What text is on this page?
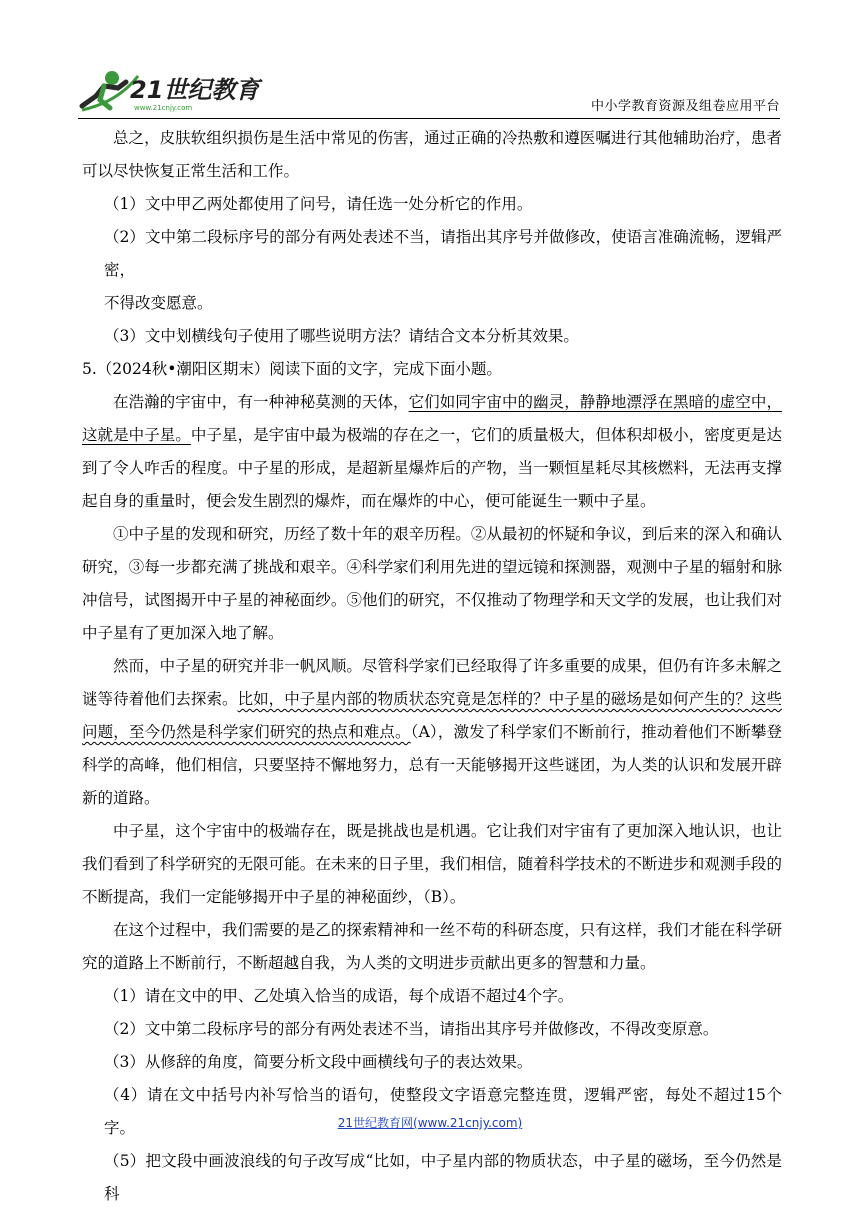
21世纪教育
www.21cnjy.com	中小学教育资源及组卷应用平台

总之，皮肤软组织损伤是生活中常见的伤害，通过正确的冷热敷和遵医嘱进行其他辅助治疗，患者可以尽快恢复正常生活和工作。

（1）文中甲乙两处都使用了问号，请任选一处分析它的作用。

（2）文中第二段标序号的部分有两处表述不当，请指出其序号并做修改，使语言准确流畅，逻辑严密，

不得改变愿意。

（3）文中划横线句子使用了哪些说明方法？请结合文本分析其效果。

5.（2024秋•潮阳区期末）阅读下面的文字，完成下面小题。

在浩瀚的宇宙中，有一种神秘莫测的天体，它们如同宇宙中的幽灵，静静地漂浮在黑暗的虚空中，这就是中子星。中子星，是宇宙中最为极端的存在之一，它们的质量极大，但体积却极小，密度更是达到了令人咋舌的程度。中子星的形成，是超新星爆炸后的产物，当一颗恒星耗尽其核燃料，无法再支撑起自身的重量时，便会发生剧烈的爆炸，而在爆炸的中心，便可能诞生一颗中子星。

①中子星的发现和研究，历经了数十年的艰辛历程。②从最初的怀疑和争议，到后来的深入和确认研究，③每一步都充满了挑战和艰辛。④科学家们利用先进的望远镜和探测器，观测中子星的辐射和脉冲信号，试图揭开中子星的神秘面纱。⑤他们的研究，不仅推动了物理学和天文学的发展，也让我们对中子星有了更加深入地了解。

然而，中子星的研究并非一帆风顺。尽管科学家们已经取得了许多重要的成果，但仍有许多未解之谜等待着他们去探索。比如，中子星内部的物质状态究竟是怎样的？中子星的磁场是如何产生的？这些问题，至今仍然是科学家们研究的热点和难点。（A），激发了科学家们不断前行，推动着他们不断攀登科学的高峰，他们相信，只要坚持不懈地努力，总有一天能够揭开这些谜团，为人类的认识和发展开辟新的道路。

中子星，这个宇宙中的极端存在，既是挑战也是机遇。它让我们对宇宙有了更加深入地认识，也让我们看到了科学研究的无限可能。在未来的日子里，我们相信，随着科学技术的不断进步和观测手段的不断提高，我们一定能够揭开中子星的神秘面纱，（B）。

在这个过程中，我们需要的是乙的探索精神和一丝不苟的科研态度，只有这样，我们才能在科学研究的道路上不断前行，不断超越自我，为人类的文明进步贡献出更多的智慧和力量。

（1）请在文中的甲、乙处填入恰当的成语，每个成语不超过4个字。

（2）文中第二段标序号的部分有两处表述不当，请指出其序号并做修改，不得改变原意。

（3）从修辞的角度，简要分析文段中画横线句子的表达效果。

（4）请在文中括号内补写恰当的语句，使整段文字语意完整连贯，逻辑严密，每处不超过15个字。

（5）把文段中画波浪线的句子改写成“比如，中子星内部的物质状态，中子星的磁场，至今仍然是科

21世纪教育网(www.21cnjy.com)
